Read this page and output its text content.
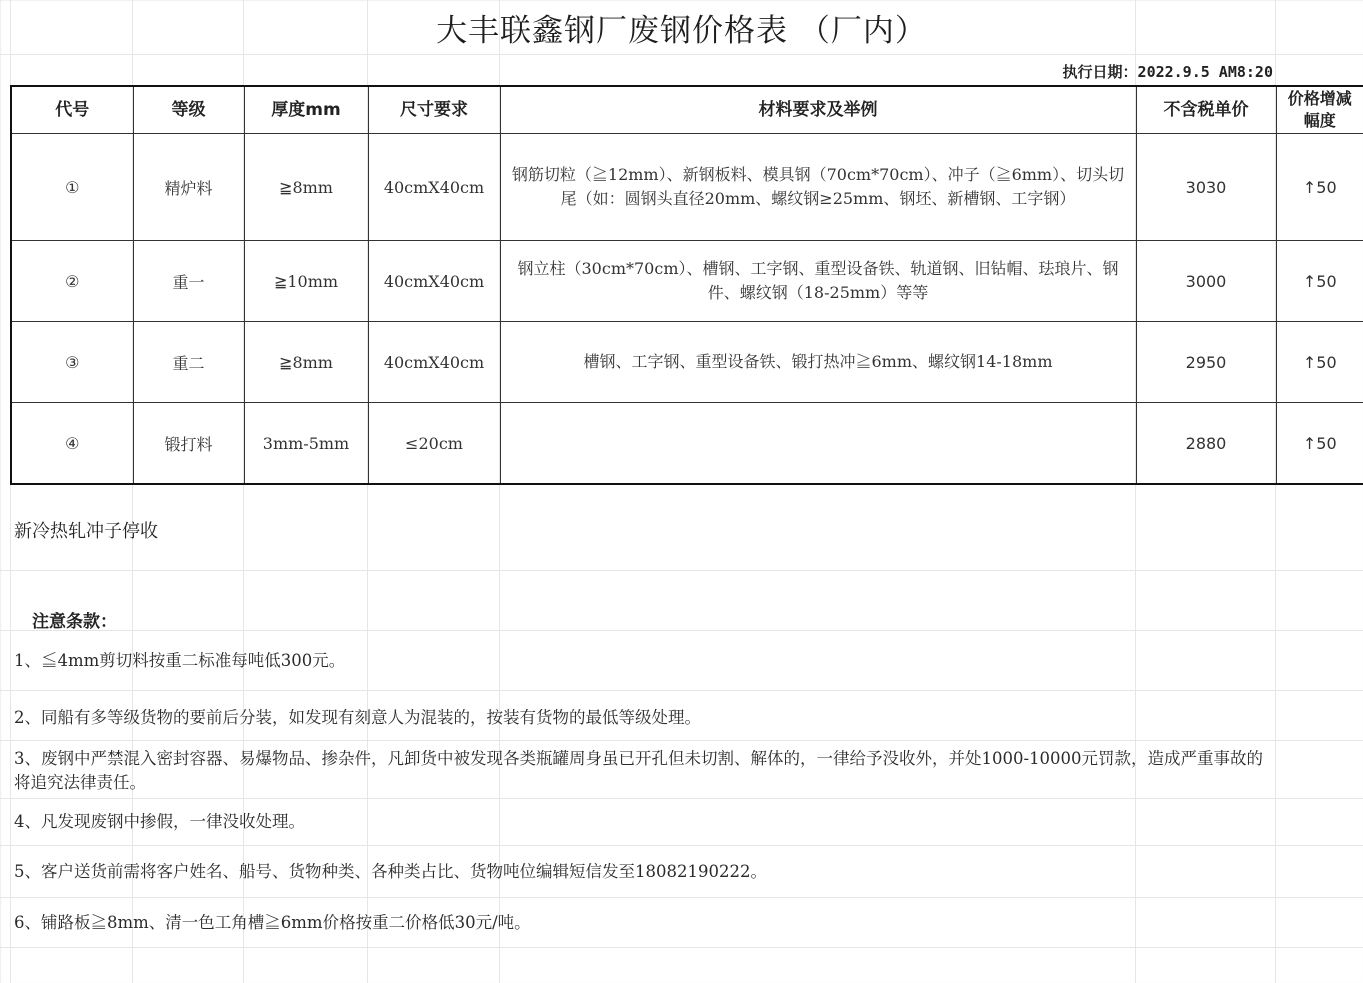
大丰联鑫钢厂废钢价格表 （厂内）
执行日期：2022.9.5 AM8:20
代号	等级	厚度mm	尺寸要求	材料要求及举例	不含税单价	价格增减幅度
①	精炉料	≧8mm	40cmX40cm	钢筋切粒（≧12mm）、新钢板料、模具钢（70cm*70cm）、冲子（≧6mm）、切头切尾（如：圆钢头直径20mm、螺纹钢≥25mm、钢坯、新槽钢、工字钢）	3030	↑50
②	重一	≧10mm	40cmX40cm	钢立柱（30cm*70cm）、槽钢、工字钢、重型设备铁、轨道钢、旧钻帽、珐琅片、钢件、螺纹钢（18-25mm）等等	3000	↑50
③	重二	≧8mm	40cmX40cm	槽钢、工字钢、重型设备铁、锻打热冲≧6mm、螺纹钢14-18mm	2950	↑50
④	锻打料	3mm-5mm	≤20cm		2880	↑50
新冷热轧冲子停收
注意条款：
1、≦4mm剪切料按重二标准每吨低300元。
2、同船有多等级货物的要前后分装，如发现有刻意人为混装的，按装有货物的最低等级处理。
3、废钢中严禁混入密封容器、易爆物品、掺杂件，凡卸货中被发现各类瓶罐周身虽已开孔但未切割、解体的，一律给予没收外，并处1000-10000元罚款，造成严重事故的将追究法律责任。
4、凡发现废钢中掺假，一律没收处理。
5、客户送货前需将客户姓名、船号、货物种类、各种类占比、货物吨位编辑短信发至18082190222。
6、铺路板≧8mm、清一色工角槽≧6mm价格按重二价格低30元/吨。
